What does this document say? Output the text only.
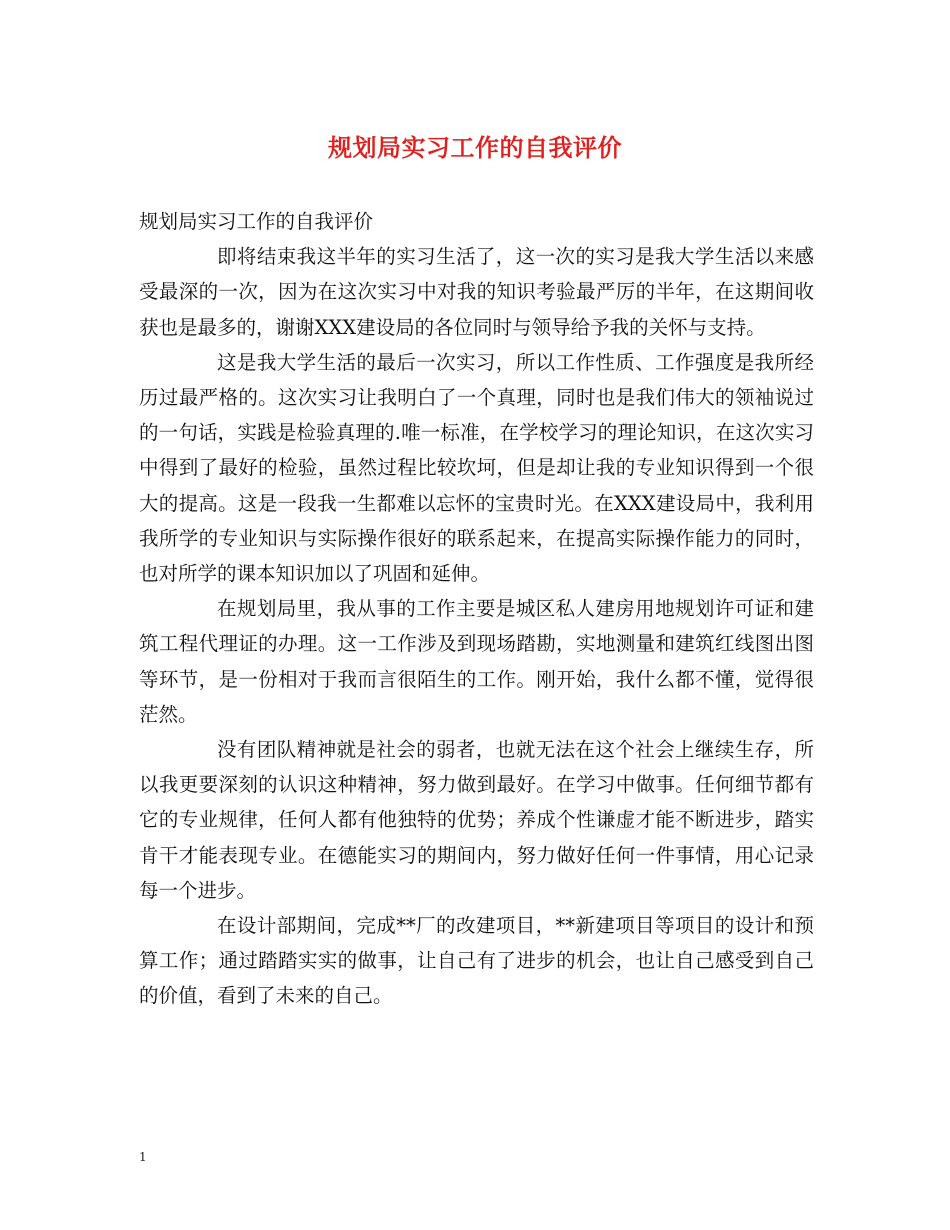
规划局实习工作的自我评价

规划局实习工作的自我评价

即将结束我这半年的实习生活了，这一次的实习是我大学生活以来感受最深的一次，因为在这次实习中对我的知识考验最严厉的半年，在这期间收获也是最多的，谢谢XXX建设局的各位同时与领导给予我的关怀与支持。

这是我大学生活的最后一次实习，所以工作性质、工作强度是我所经历过最严格的。这次实习让我明白了一个真理，同时也是我们伟大的领袖说过的一句话，实践是检验真理的.唯一标准，在学校学习的理论知识，在这次实习中得到了最好的检验，虽然过程比较坎坷，但是却让我的专业知识得到一个很大的提高。这是一段我一生都难以忘怀的宝贵时光。在XXX建设局中，我利用我所学的专业知识与实际操作很好的联系起来，在提高实际操作能力的同时，也对所学的课本知识加以了巩固和延伸。

在规划局里，我从事的工作主要是城区私人建房用地规划许可证和建筑工程代理证的办理。这一工作涉及到现场踏勘，实地测量和建筑红线图出图等环节，是一份相对于我而言很陌生的工作。刚开始，我什么都不懂，觉得很茫然。

没有团队精神就是社会的弱者，也就无法在这个社会上继续生存，所以我更要深刻的认识这种精神，努力做到最好。在学习中做事。任何细节都有它的专业规律，任何人都有他独特的优势；养成个性谦虚才能不断进步，踏实肯干才能表现专业。在德能实习的期间内，努力做好任何一件事情，用心记录每一个进步。

在设计部期间，完成**厂的改建项目，**新建项目等项目的设计和预算工作；通过踏踏实实的做事，让自己有了进步的机会，也让自己感受到自己的价值，看到了未来的自己。

1
